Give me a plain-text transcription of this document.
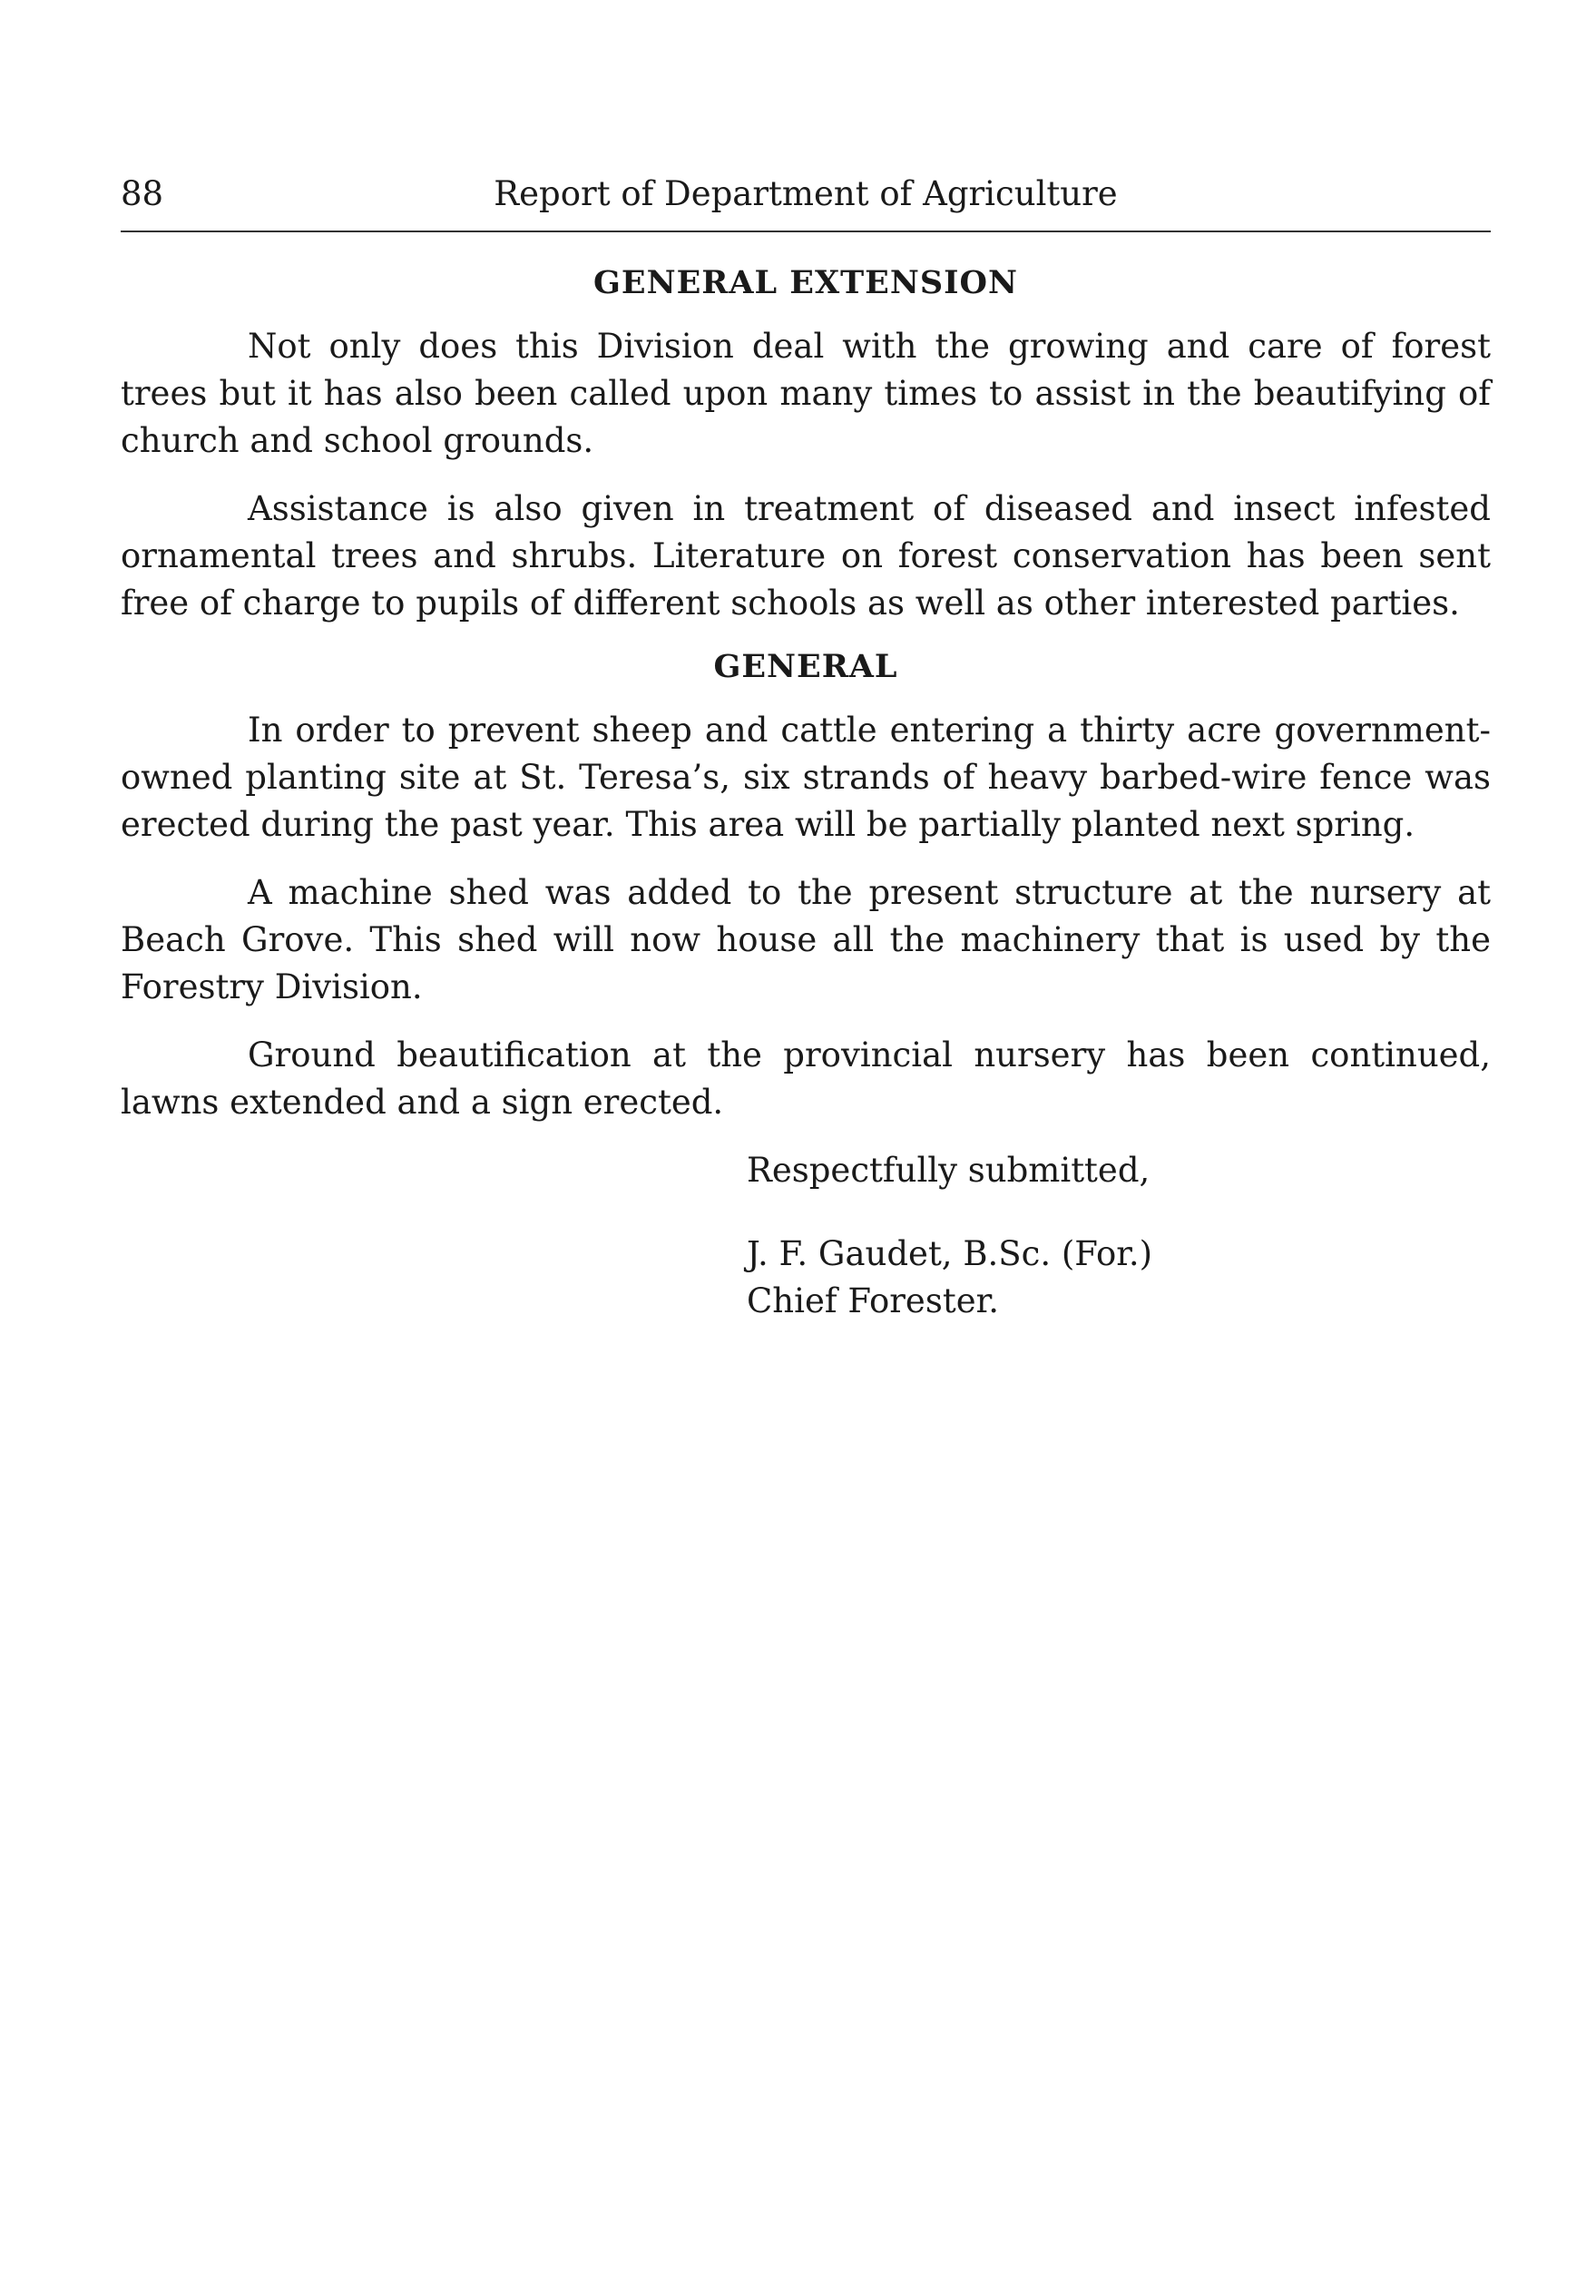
88	Report of Department of Agriculture
GENERAL EXTENSION

Not only does this Division deal with the growing and care of forest trees but it has also been called upon many times to assist in the beautifying of church and school grounds.

Assistance is also given in treatment of diseased and insect infested ornamental trees and shrubs. Literature on forest conservation has been sent free of charge to pupils of different schools as well as other interested parties.

GENERAL

In order to prevent sheep and cattle entering a thirty acre government-owned planting site at St. Teresa’s, six strands of heavy barbed-wire fence was erected during the past year. This area will be partially planted next spring.

A machine shed was added to the present structure at the nursery at Beach Grove. This shed will now house all the machinery that is used by the Forestry Division.

Ground beautification at the provincial nursery has been continued, lawns extended and a sign erected.

Respectfully submitted,
J. F. Gaudet, B.Sc. (For.)
Chief Forester.
